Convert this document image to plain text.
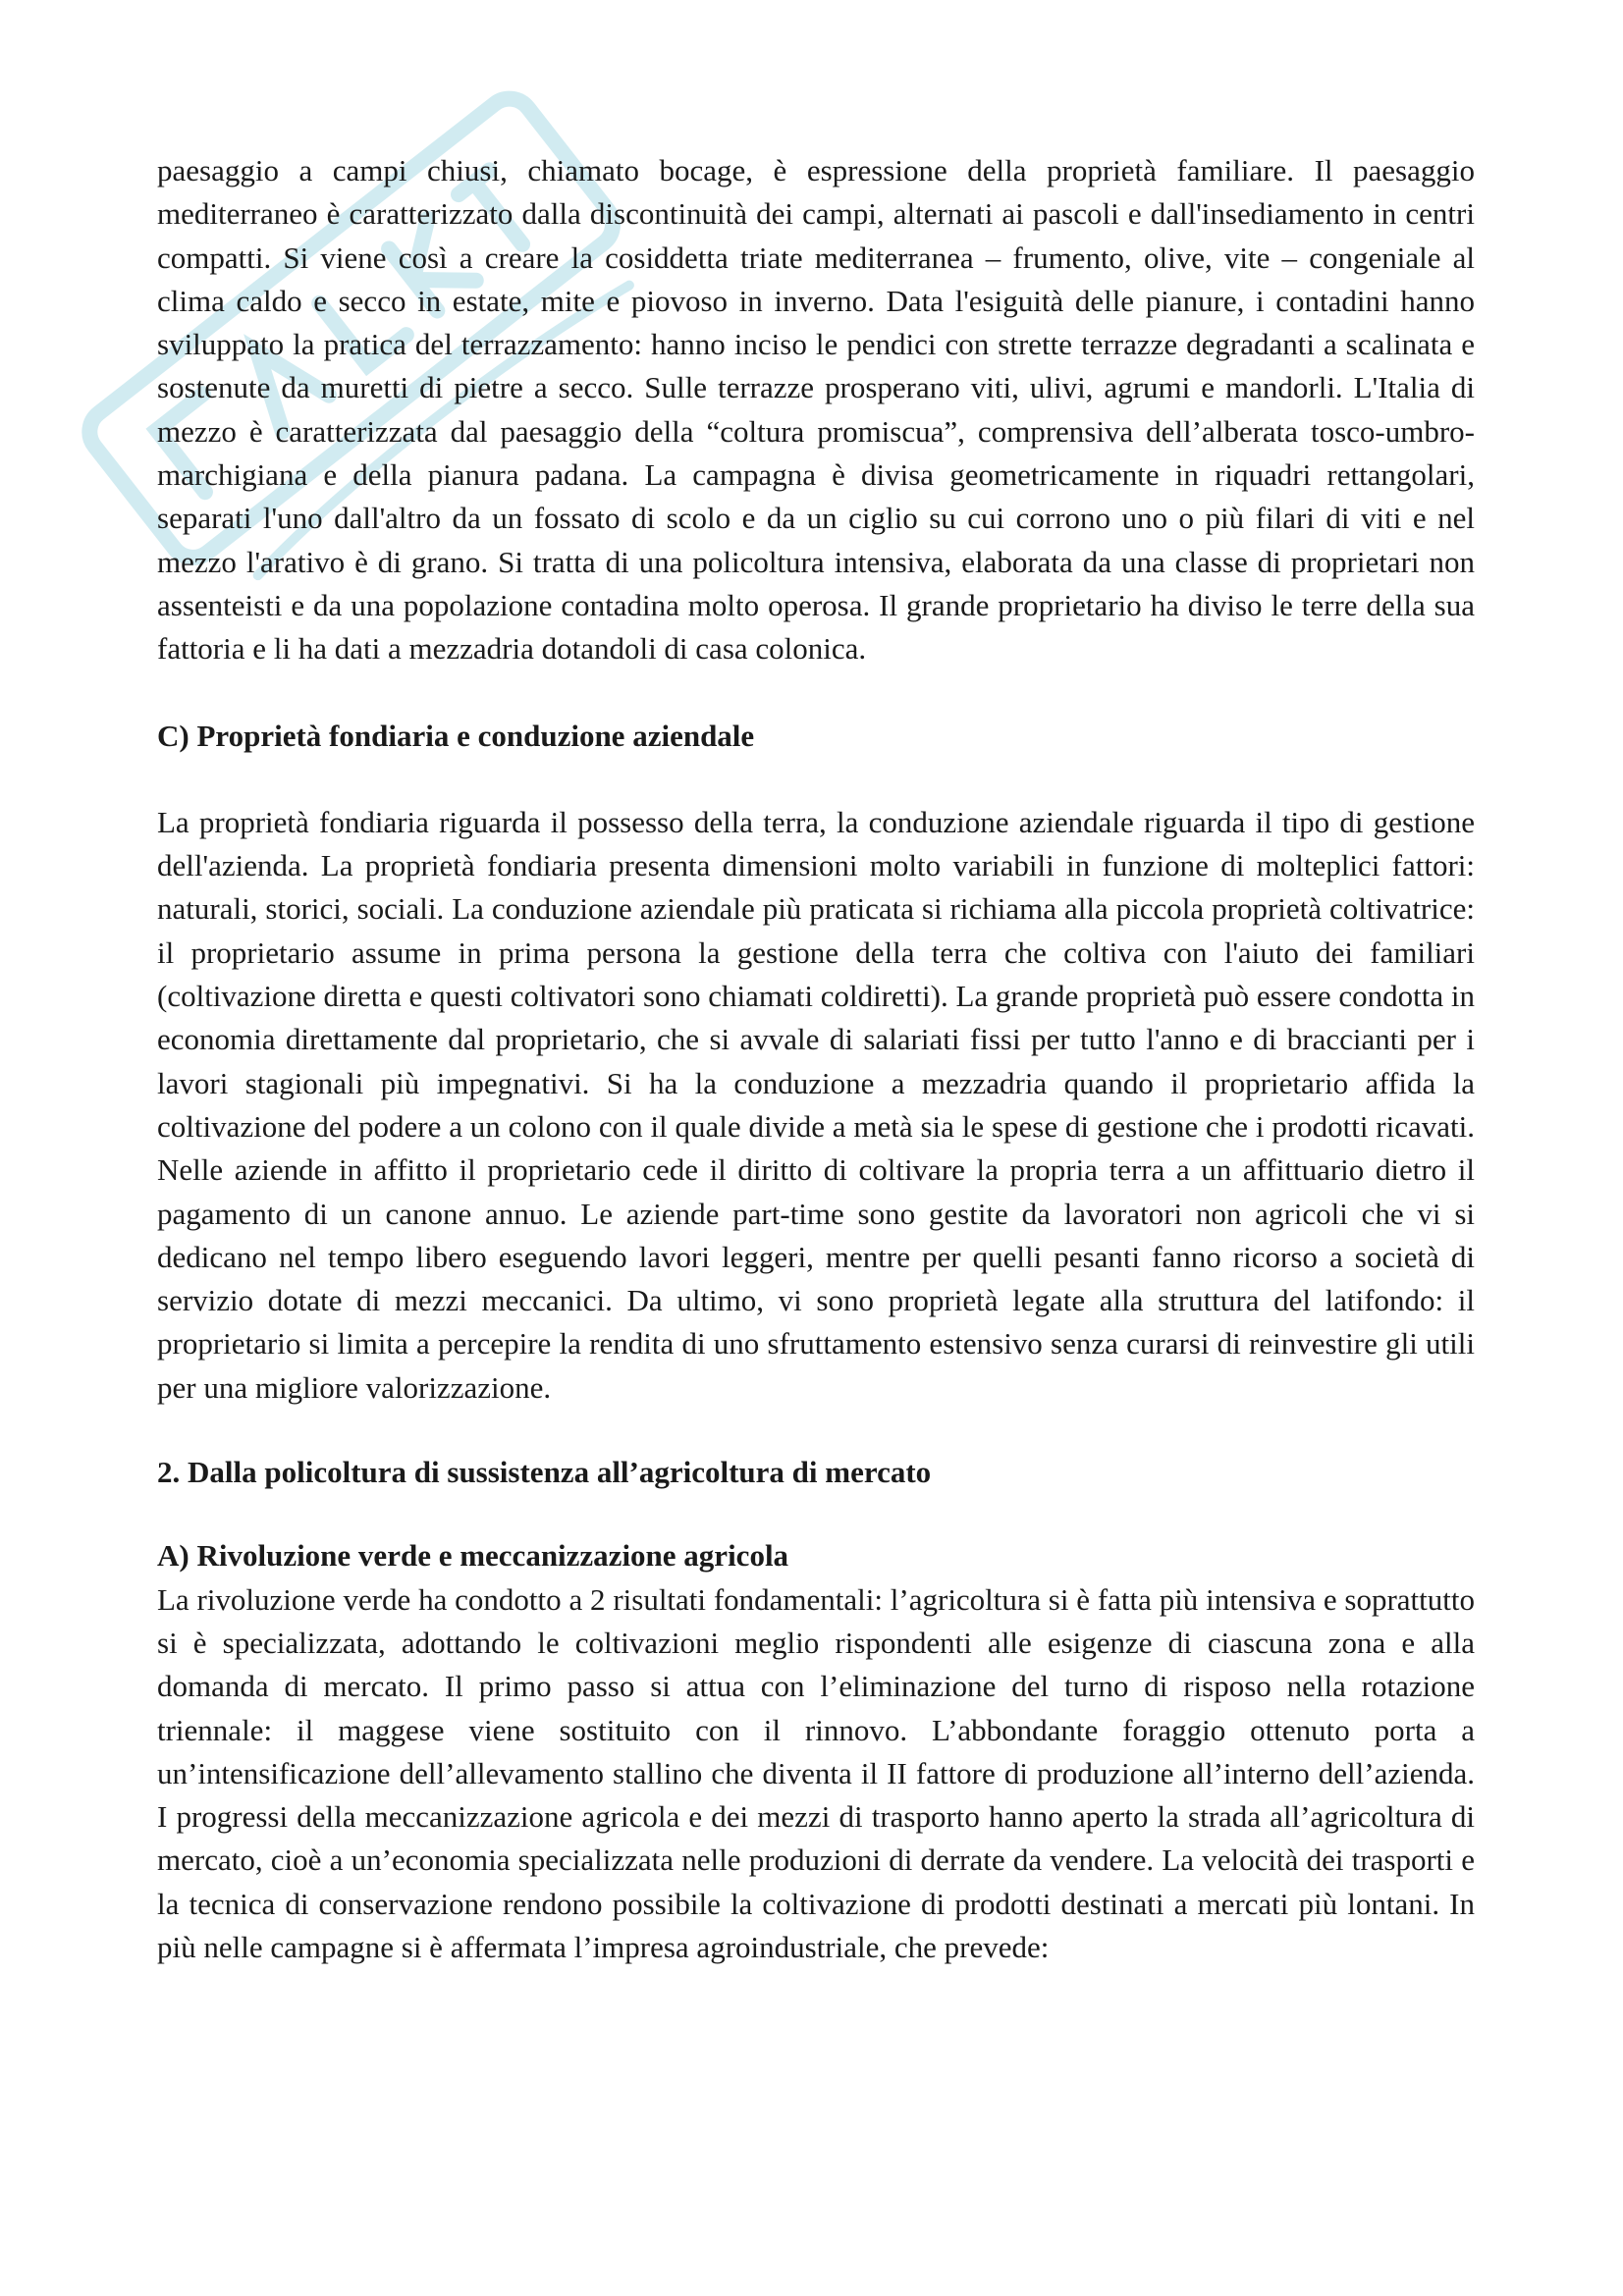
paesaggio a campi chiusi, chiamato bocage, è espressione della proprietà familiare. Il paesaggio mediterraneo è caratterizzato dalla discontinuità dei campi, alternati ai pascoli e dall'insediamento in centri compatti. Si viene così a creare la cosiddetta triate mediterranea – frumento, olive, vite – congeniale al clima caldo e secco in estate, mite e piovoso in inverno. Data l'esiguità delle pianure, i contadini hanno sviluppato la pratica del terrazzamento: hanno inciso le pendici con strette terrazze degradanti a scalinata e sostenute da muretti di pietre a secco. Sulle terrazze prosperano viti, ulivi, agrumi e mandorli. L'Italia di mezzo è caratterizzata dal paesaggio della “coltura promiscua”, comprensiva dell’alberata tosco-umbro-marchigiana e della pianura padana. La campagna è divisa geometricamente in riquadri rettangolari, separati l'uno dall'altro da un fossato di scolo e da un ciglio su cui corrono uno o più filari di viti e nel mezzo l'arativo è di grano. Si tratta di una policoltura intensiva, elaborata da una classe di proprietari non assenteisti e da una popolazione contadina molto operosa. Il grande proprietario ha diviso le terre della sua fattoria e li ha dati a mezzadria dotandoli di casa colonica.

C) Proprietà fondiaria e conduzione aziendale

La proprietà fondiaria riguarda il possesso della terra, la conduzione aziendale riguarda il tipo di gestione dell'azienda. La proprietà fondiaria presenta dimensioni molto variabili in funzione di molteplici fattori: naturali, storici, sociali. La conduzione aziendale più praticata si richiama alla piccola proprietà coltivatrice: il proprietario assume in prima persona la gestione della terra che coltiva con l'aiuto dei familiari (coltivazione diretta e questi coltivatori sono chiamati coldiretti). La grande proprietà può essere condotta in economia direttamente dal proprietario, che si avvale di salariati fissi per tutto l'anno e di braccianti per i lavori stagionali più impegnativi. Si ha la conduzione a mezzadria quando il proprietario affida la coltivazione del podere a un colono con il quale divide a metà sia le spese di gestione che i prodotti ricavati. Nelle aziende in affitto il proprietario cede il diritto di coltivare la propria terra a un affittuario dietro il pagamento di un canone annuo. Le aziende part-time sono gestite da lavoratori non agricoli che vi si dedicano nel tempo libero eseguendo lavori leggeri, mentre per quelli pesanti fanno ricorso a società di servizio dotate di mezzi meccanici. Da ultimo, vi sono proprietà legate alla struttura del latifondo: il proprietario si limita a percepire la rendita di uno sfruttamento estensivo senza curarsi di reinvestire gli utili per una migliore valorizzazione.

2. Dalla policoltura di sussistenza all’agricoltura di mercato

A) Rivoluzione verde e meccanizzazione agricola

La rivoluzione verde ha condotto a 2 risultati fondamentali: l’agricoltura si è fatta più intensiva e soprattutto si è specializzata, adottando le coltivazioni meglio rispondenti alle esigenze di ciascuna zona e alla domanda di mercato. Il primo passo si attua con l’eliminazione del turno di risposo nella rotazione triennale: il maggese viene sostituito con il rinnovo. L’abbondante foraggio ottenuto porta a un’intensificazione dell’allevamento stallino che diventa il II fattore di produzione all’interno dell’azienda. I progressi della meccanizzazione agricola e dei mezzi di trasporto hanno aperto la strada all’agricoltura di mercato, cioè a un’economia specializzata nelle produzioni di derrate da vendere. La velocità dei trasporti e la tecnica di conservazione rendono possibile la coltivazione di prodotti destinati a mercati più lontani. In più nelle campagne si è affermata l’impresa agroindustriale, che prevede:
